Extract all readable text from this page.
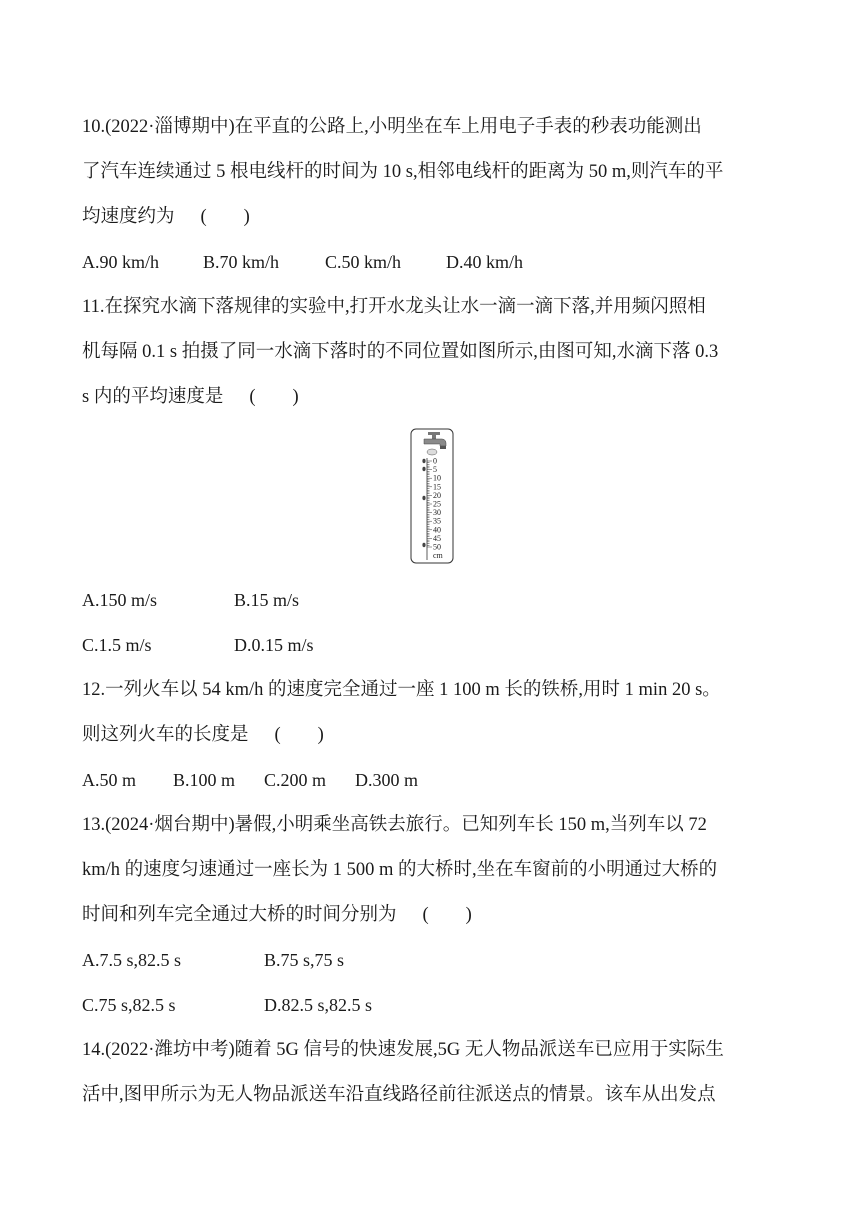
10.(2022·淄博期中)在平直的公路上,小明坐在车上用电子手表的秒表功能测出
了汽车连续通过 5 根电线杆的时间为 10 s,相邻电线杆的距离为 50 m,则汽车的平
均速度约为 (　　)
A.90 km/h B.70 km/h	C.50 km/h D.40 km/h
11.在探究水滴下落规律的实验中,打开水龙头让水一滴一滴下落,并用频闪照相
机每隔 0.1 s 拍摄了同一水滴下落时的不同位置如图所示,由图可知,水滴下落 0.3
s 内的平均速度是 (　　)
0
5
10
15
20
25
30
35
40
45
50
cm
A.150 m/s	B.15 m/s
C.1.5 m/s	D.0.15 m/s
12.一列火车以 54 km/h 的速度完全通过一座 1 100 m 长的铁桥,用时 1 min 20 s。
则这列火车的长度是 (　　)
A.50 m B.100 m C.200 m D.300 m
13.(2024·烟台期中)暑假,小明乘坐高铁去旅行。已知列车长 150 m,当列车以 72
km/h 的速度匀速通过一座长为 1 500 m 的大桥时,坐在车窗前的小明通过大桥的
时间和列车完全通过大桥的时间分别为 (　　)
A.7.5 s,82.5 s	B.75 s,75 s
C.75 s,82.5 s	D.82.5 s,82.5 s
14.(2022·潍坊中考)随着 5G 信号的快速发展,5G 无人物品派送车已应用于实际生
活中,图甲所示为无人物品派送车沿直线路径前往派送点的情景。该车从出发点
